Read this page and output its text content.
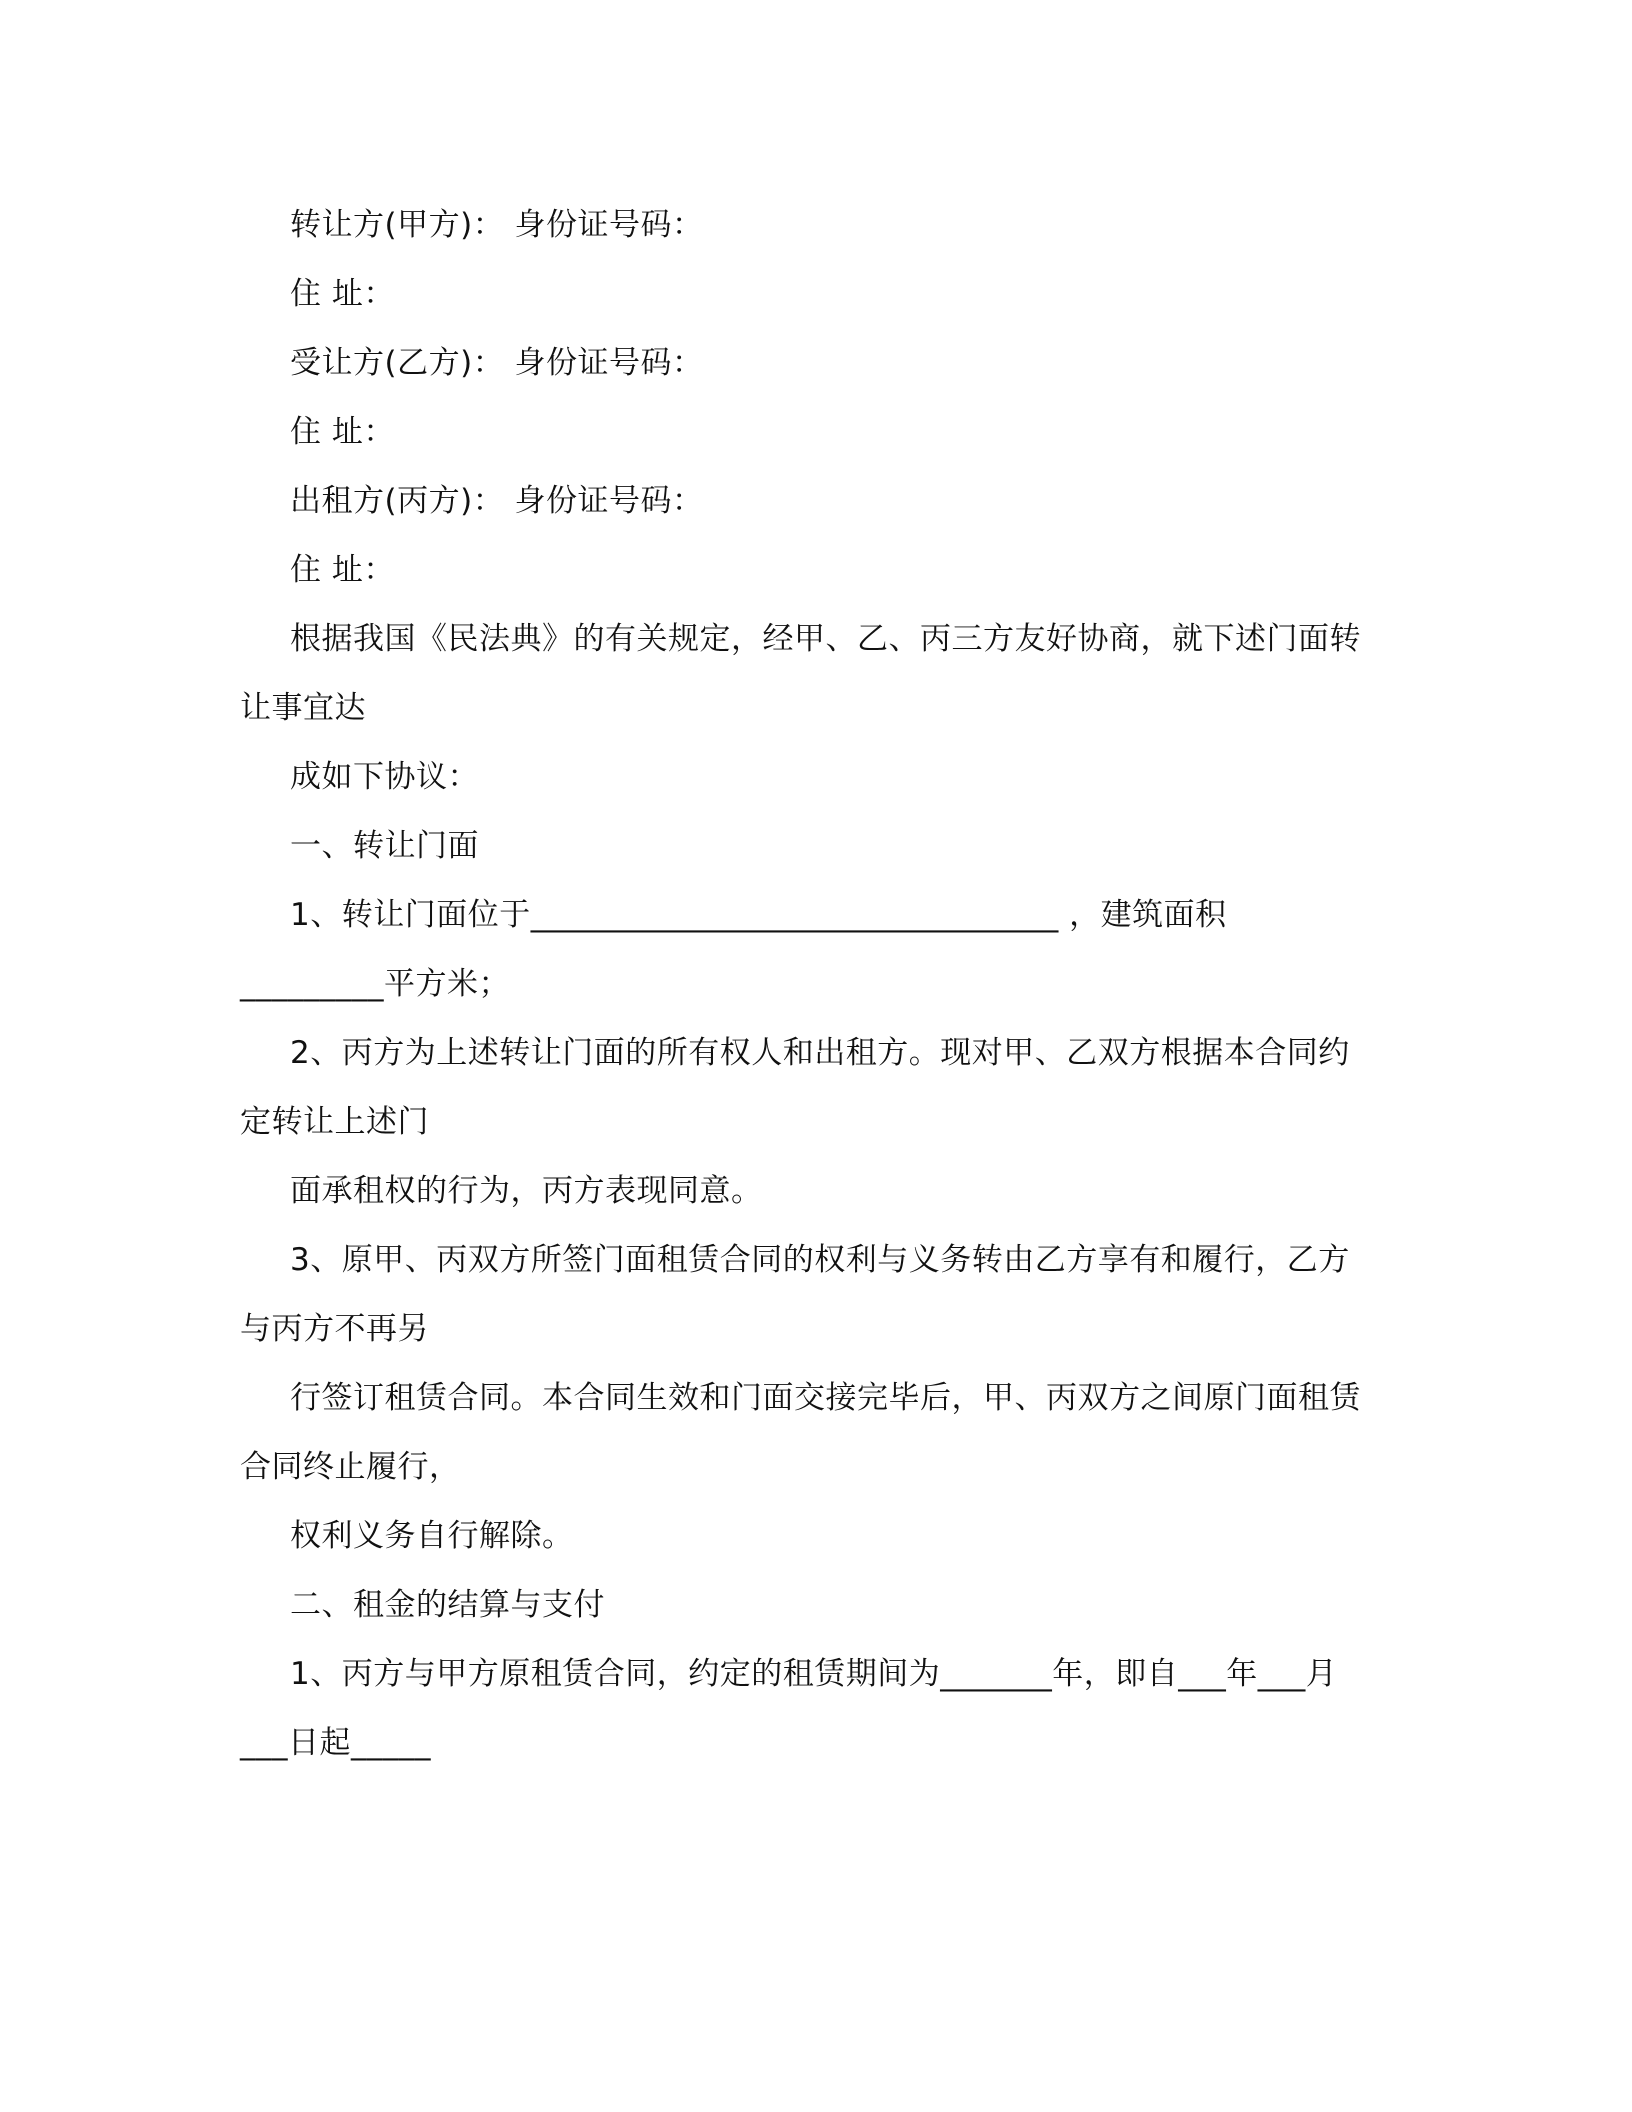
转让方(甲方)： 身份证号码：
住 址：
受让方(乙方)： 身份证号码：
住 址：
出租方(丙方)： 身份证号码：
住 址：
根据我国《民法典》的有关规定，经甲、乙、丙三方友好协商，就下述门面转
让事宜达
成如下协议：
一、转让门面
1、转让门面位于_________________________________ ，建筑面积
_________平方米；
2、丙方为上述转让门面的所有权人和出租方。现对甲、乙双方根据本合同约
定转让上述门
面承租权的行为，丙方表现同意。
3、原甲、丙双方所签门面租赁合同的权利与义务转由乙方享有和履行，乙方
与丙方不再另
行签订租赁合同。本合同生效和门面交接完毕后，甲、丙双方之间原门面租赁
合同终止履行，
权利义务自行解除。
二、租金的结算与支付
1、丙方与甲方原租赁合同，约定的租赁期间为_______年，即自___年___月
___日起_____
